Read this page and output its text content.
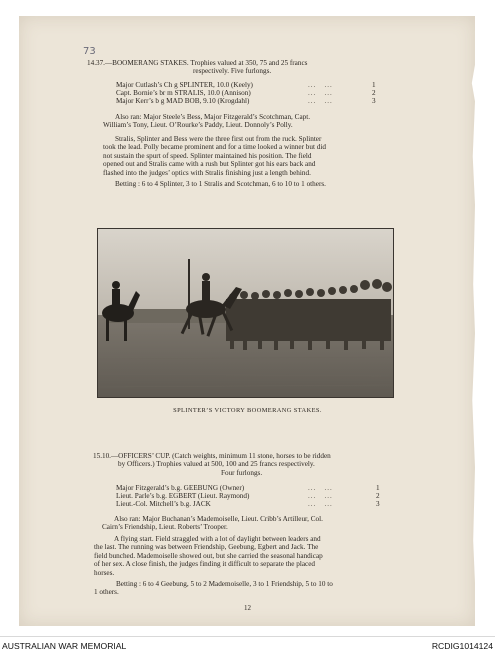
73
14.37.—BOOMERANG STAKES. Trophies valued at 350, 75 and 25 francs
respectively. Five furlongs.
Major Cutlash’s Ch g SPLINTER, 10.0 (Keely)	...   ...	1
Capt. Bornie’s br m STRALIS, 10.0 (Annison)	...   ...	2
Major Kerr’s b g MAD BOB, 9.10 (Krogdahl)	...   ...	3
Also ran: Major Steele’s Bess, Major Fitzgerald’s Scotchman, Capt.
William’s Tony, Lieut. O’Rourke’s Paddy, Lieut. Donnoly’s Polly.
Stralis, Splinter and Bess were the three first out from the ruck. Splinter
took the lead. Polly became prominent and for a time looked a winner but did
not sustain the spurt of speed. Splinter maintained his position. The field
opened out and Stralis came with a rush but Splinter got his ears back and
flashed into the judges’ optics with Stralis finishing just a length behind.
Betting : 6 to 4 Splinter, 3 to 1 Stralis and Scotchman, 6 to 10 to 1 others.
SPLINTER’S VICTORY BOOMERANG STAKES.
15.10.—OFFICERS’ CUP. (Catch weights, minimum 11 stone, horses to be ridden
by Officers.) Trophies valued at 500, 100 and 25 francs respectively.
Four furlongs.
Major Fitzgerald’s b.g. GEEBUNG (Owner)	...   ...	1
Lieut. Parle’s b.g. EGBERT (Lieut. Raymond)	...   ...	2
Lieut.-Col. Mitchell’s b.g. JACK	...   ...	3
Also ran: Major Buchanan’s Mademoiselle, Lieut. Cribb’s Artilleur, Col.
Cairn’s Friendship, Lieut. Roberts’ Trooper.
A flying start. Field straggled with a lot of daylight between leaders and
the last. The running was between Friendship, Geebung, Egbert and Jack. The
field bunched. Mademoiselle showed out, but she carried the seasonal handicap
of her sex. A close finish, the judges finding it difficult to separate the placed
horses.
Betting : 6 to 4 Geebung, 5 to 2 Mademoiselle, 3 to 1 Friendship, 5 to 10 to
1 others.
12
AUSTRALIAN WAR MEMORIAL	RCDIG1014124
